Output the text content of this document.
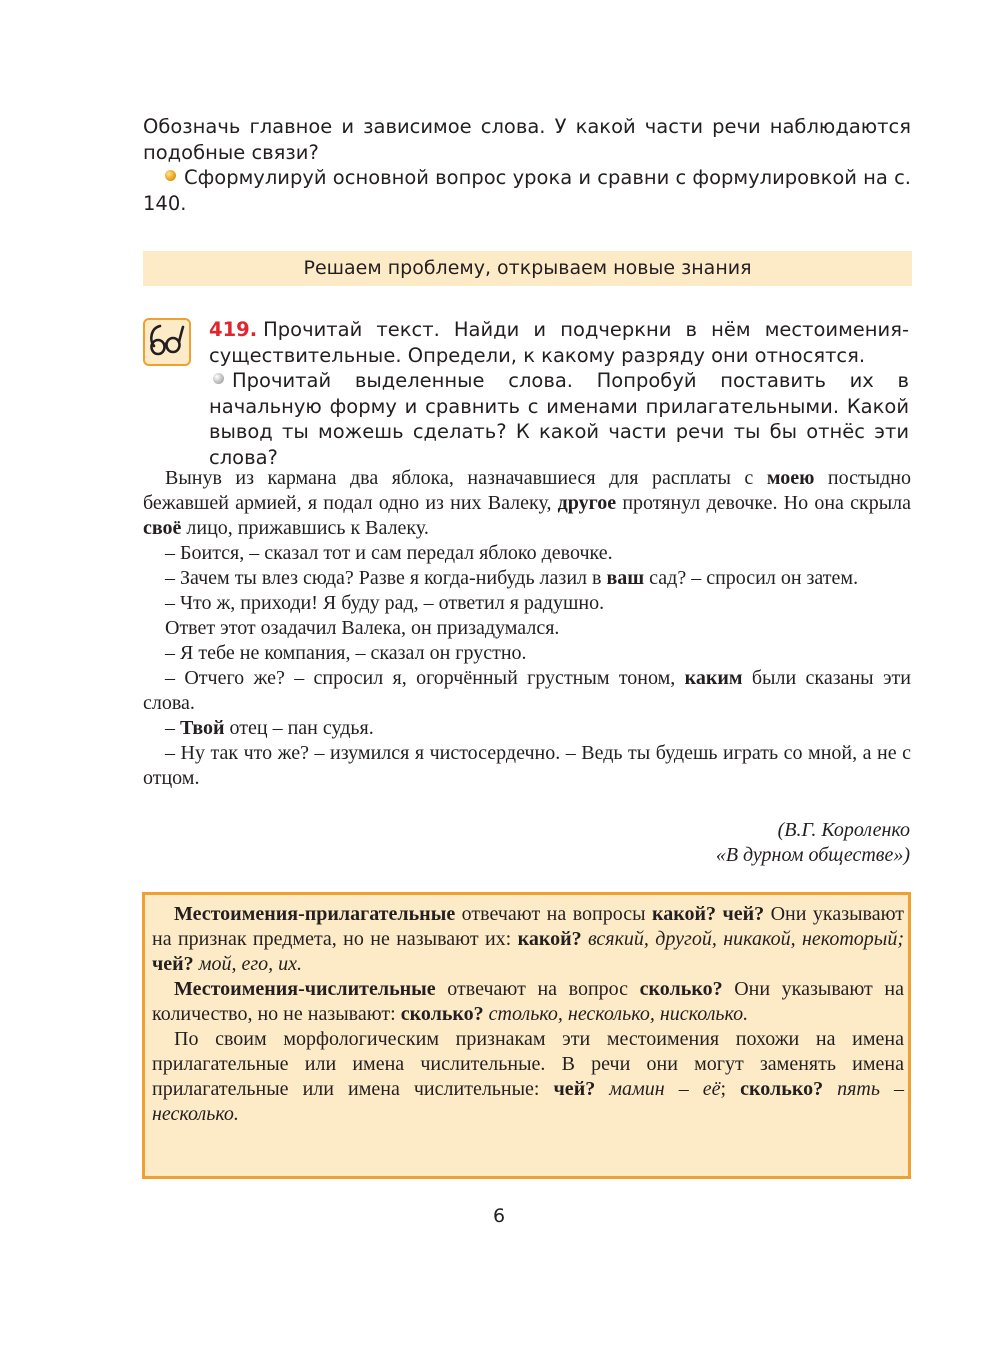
Обозначь главное и зависимое слова. У какой части речи наблюдаются подобные связи?

Сформулируй основной вопрос урока и сравни с формулировкой на с. 140.

Решаем проблему, открываем новые знания

419. Прочитай текст. Найди и подчеркни в нём местоимения-существительные. Определи, к какому разряду они относятся.

Прочитай выделенные слова. Попробуй поставить их в начальную форму и сравнить с именами прилагательными. Какой вывод ты можешь сделать? К какой части речи ты бы отнёс эти слова?

Вынув из кармана два яблока, назначавшиеся для расплаты с моею постыдно бежавшей армией, я подал одно из них Валеку, другое протянул девочке. Но она скрыла своё лицо, прижавшись к Валеку.

– Боится, – сказал тот и сам передал яблоко девочке.

– Зачем ты влез сюда? Разве я когда-нибудь лазил в ваш сад? – спросил он затем.

– Что ж, приходи! Я буду рад, – ответил я радушно.

Ответ этот озадачил Валека, он призадумался.

– Я тебе не компания, – сказал он грустно.

– Отчего же? – спросил я, огорчённый грустным тоном, каким были сказаны эти слова.

– Твой отец – пан судья.

– Ну так что же? – изумился я чистосердечно. – Ведь ты будешь играть со мной, а не с отцом.

(В.Г. Короленко

«В дурном обществе»)

Местоимения-прилагательные отвечают на вопросы какой? чей? Они указывают на признак предмета, но не называют их: какой? всякий, другой, никакой, некоторый; чей? мой, его, их.

Местоимения-числительные отвечают на вопрос сколько? Они указывают на количество, но не называют: сколько? столько, несколько, нисколько.

По своим морфологическим признакам эти местоимения похожи на имена прилагательные или имена числительные. В речи они могут заменять имена прилагательные или имена числительные: чей? мамин – её; сколько? пять – несколько.

6
